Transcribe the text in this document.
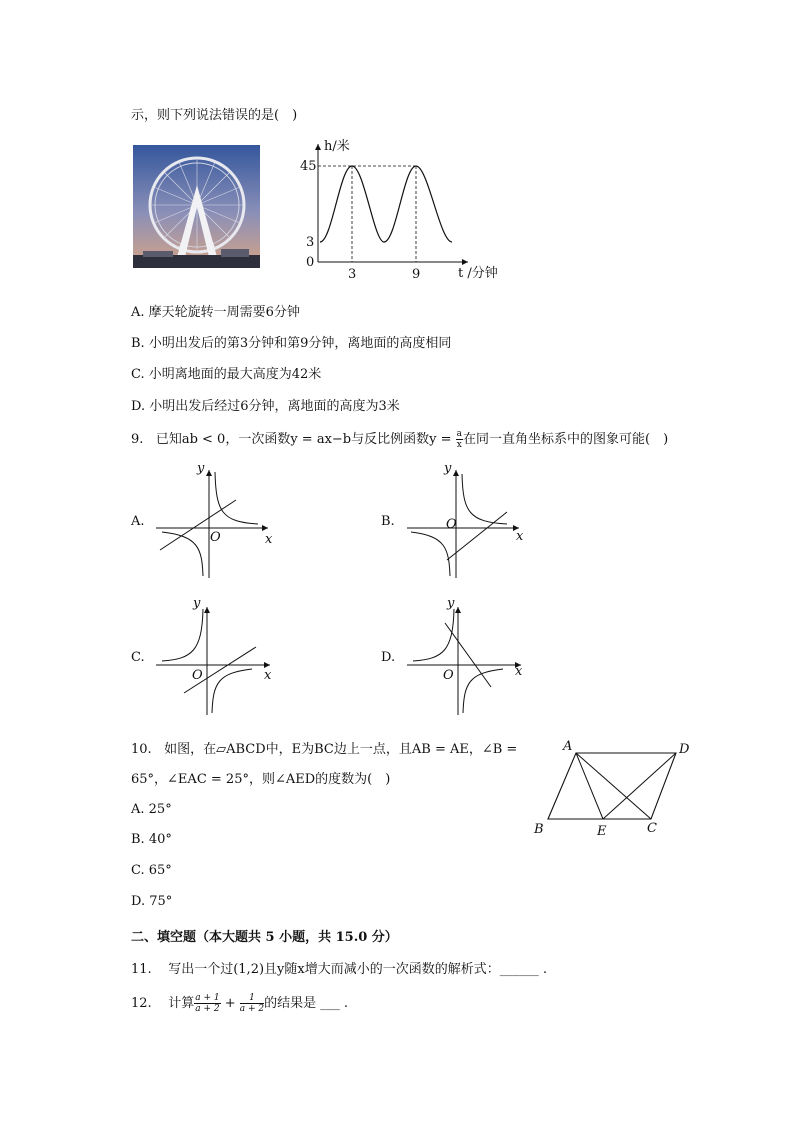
示，则下列说法错误的是(　)
h/米
45
3
0
3	9	t /分钟
A. 摩天轮旋转一周需要6分钟
B. 小明出发后的第3分钟和第9分钟，离地面的高度相同
C. 小明离地面的最大高度为42米
D. 小明出发后经过6分钟，离地面的高度为3米
9. 已知ab < 0，一次函数y = ax−b与反比例函数$y = \frac{a}{x}$ 在同一直角坐标系中的图象可能(　)
A.
y
x
O
B.
y
x
O
C.
y
x
O
D.
y
x
O
10. 如图，在▱ABCD中，E为BC边上一点，且AB = AE，∠B =
65°，∠EAC = 25°，则∠AED的度数为(　)
A. 25°
B. 40°
C. 65°
D. 75°
A	D
B	E	C
二、填空题（本大题共 5 小题，共 15.0 分）
11. 写出一个过(1,2)且y随x增大而减小的一次函数的解析式：______ .
12. 计算 $\frac{a + 1}{a + 2} + \frac{1}{a + 2}$ 的结果是 ___ .
